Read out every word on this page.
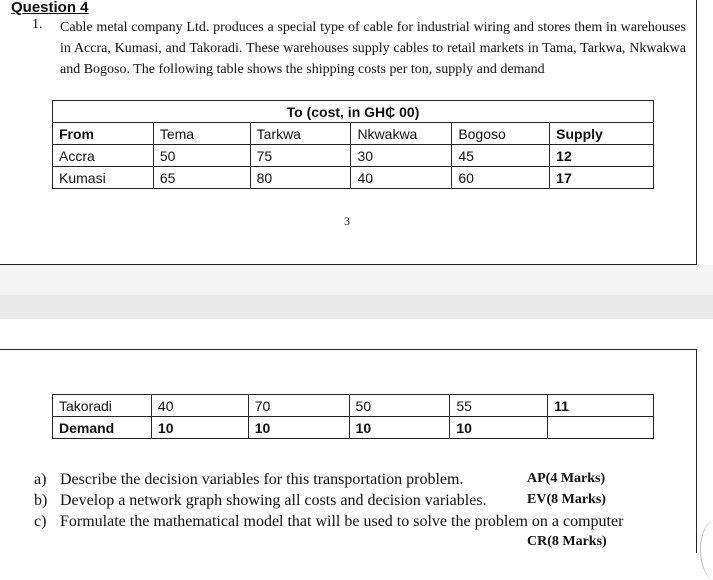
Question 4
1. Cable metal company Ltd. produces a special type of cable for industrial wiring and stores them in warehouses in Accra, Kumasi, and Takoradi. These warehouses supply cables to retail markets in Tama, Tarkwa, Nkwakwa and Bogoso. The following table shows the shipping costs per ton, supply and demand
To (cost, in GH₵ 00)					
From	Tema	Tarkwa	Nkwakwa	Bogoso	Supply
Accra	50	75	30	45	12
Kumasi	65	80	40	60	17
3
Takoradi	40	70	50	55	11
Demand	10	10	10	10	
a) Describe the decision variables for this transportation problem.	AP(4 Marks)
b) Develop a network graph showing all costs and decision variables.	EV(8 Marks)
c) Formulate the mathematical model that will be used to solve the problem on a computer
CR(8 Marks)
